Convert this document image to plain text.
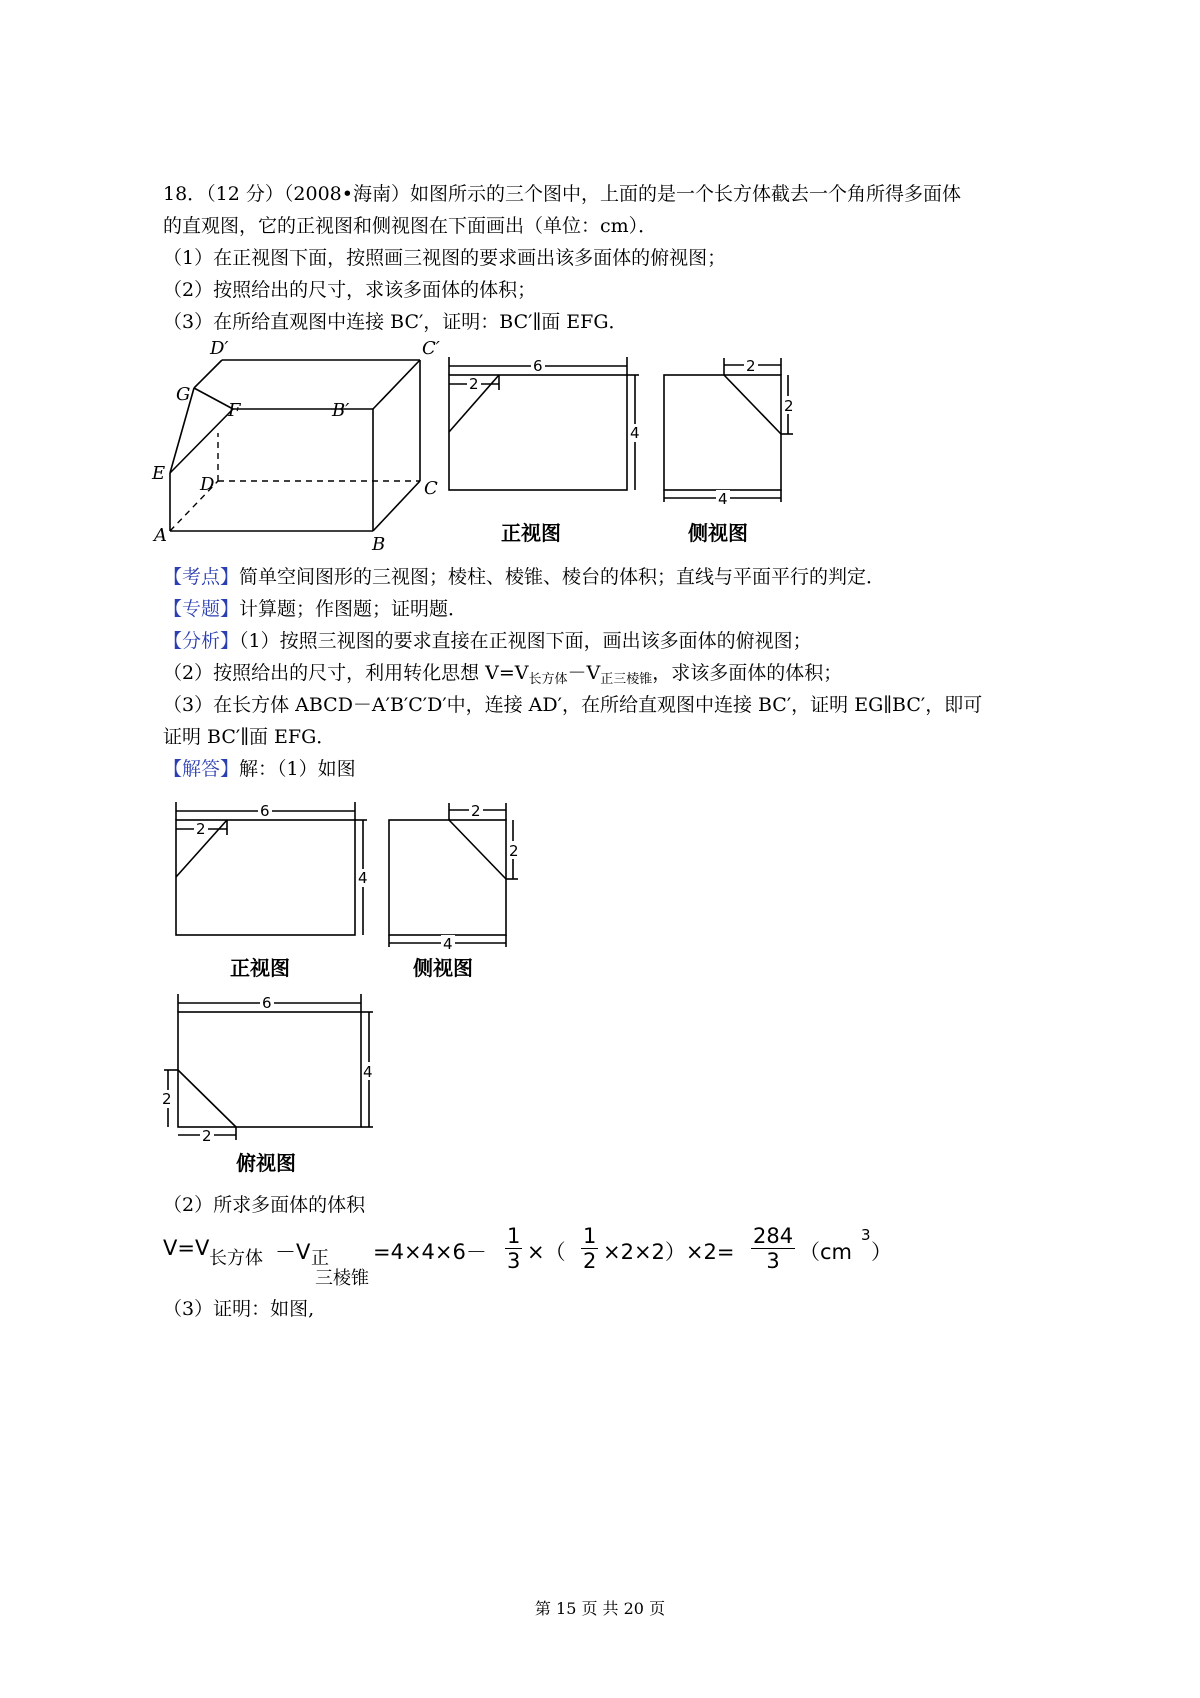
18．（12 分）（2008•海南）如图所示的三个图中，上面的是一个长方体截去一个角所得多面体
的直观图，它的正视图和侧视图在下面画出（单位：cm）．
（1）在正视图下面，按照画三视图的要求画出该多面体的俯视图；
（2）按照给出的尺寸，求该多面体的体积；
（3）在所给直观图中连接 BC′，证明：BC′∥面 EFG．
D′	C′
G
F	B′
E
D	C
A	B
6
2
4
正视图
2
2
4
侧视图
【考点】简单空间图形的三视图；棱柱、棱锥、棱台的体积；直线与平面平行的判定．
【专题】计算题；作图题；证明题．
【分析】（1）按照三视图的要求直接在正视图下面，画出该多面体的俯视图；
（2）按照给出的尺寸，利用转化思想 $V=V_{长方体}-V_{正三棱锥}$，求该多面体的体积；
（3）在长方体 ABCD－A′B′C′D′中，连接 AD′，在所给直观图中连接 BC′，证明 EG∥BC′，即可
证明 BC′∥面 EFG．
【解答】解：（1）如图
6
2
4
正视图
2
2
4
侧视图
6
4
2
2
俯视图
（2）所求多面体的体积
V=V 长方体 －V 正
三棱锥
$=4\times 4\times 6- \frac{1}{3}$ ×（ $\frac{1}{2} \times 2\times 2)\times 2= \frac{284}{3} (cm$
3
）
（3）证明：如图,
第 15 页 共 20 页
